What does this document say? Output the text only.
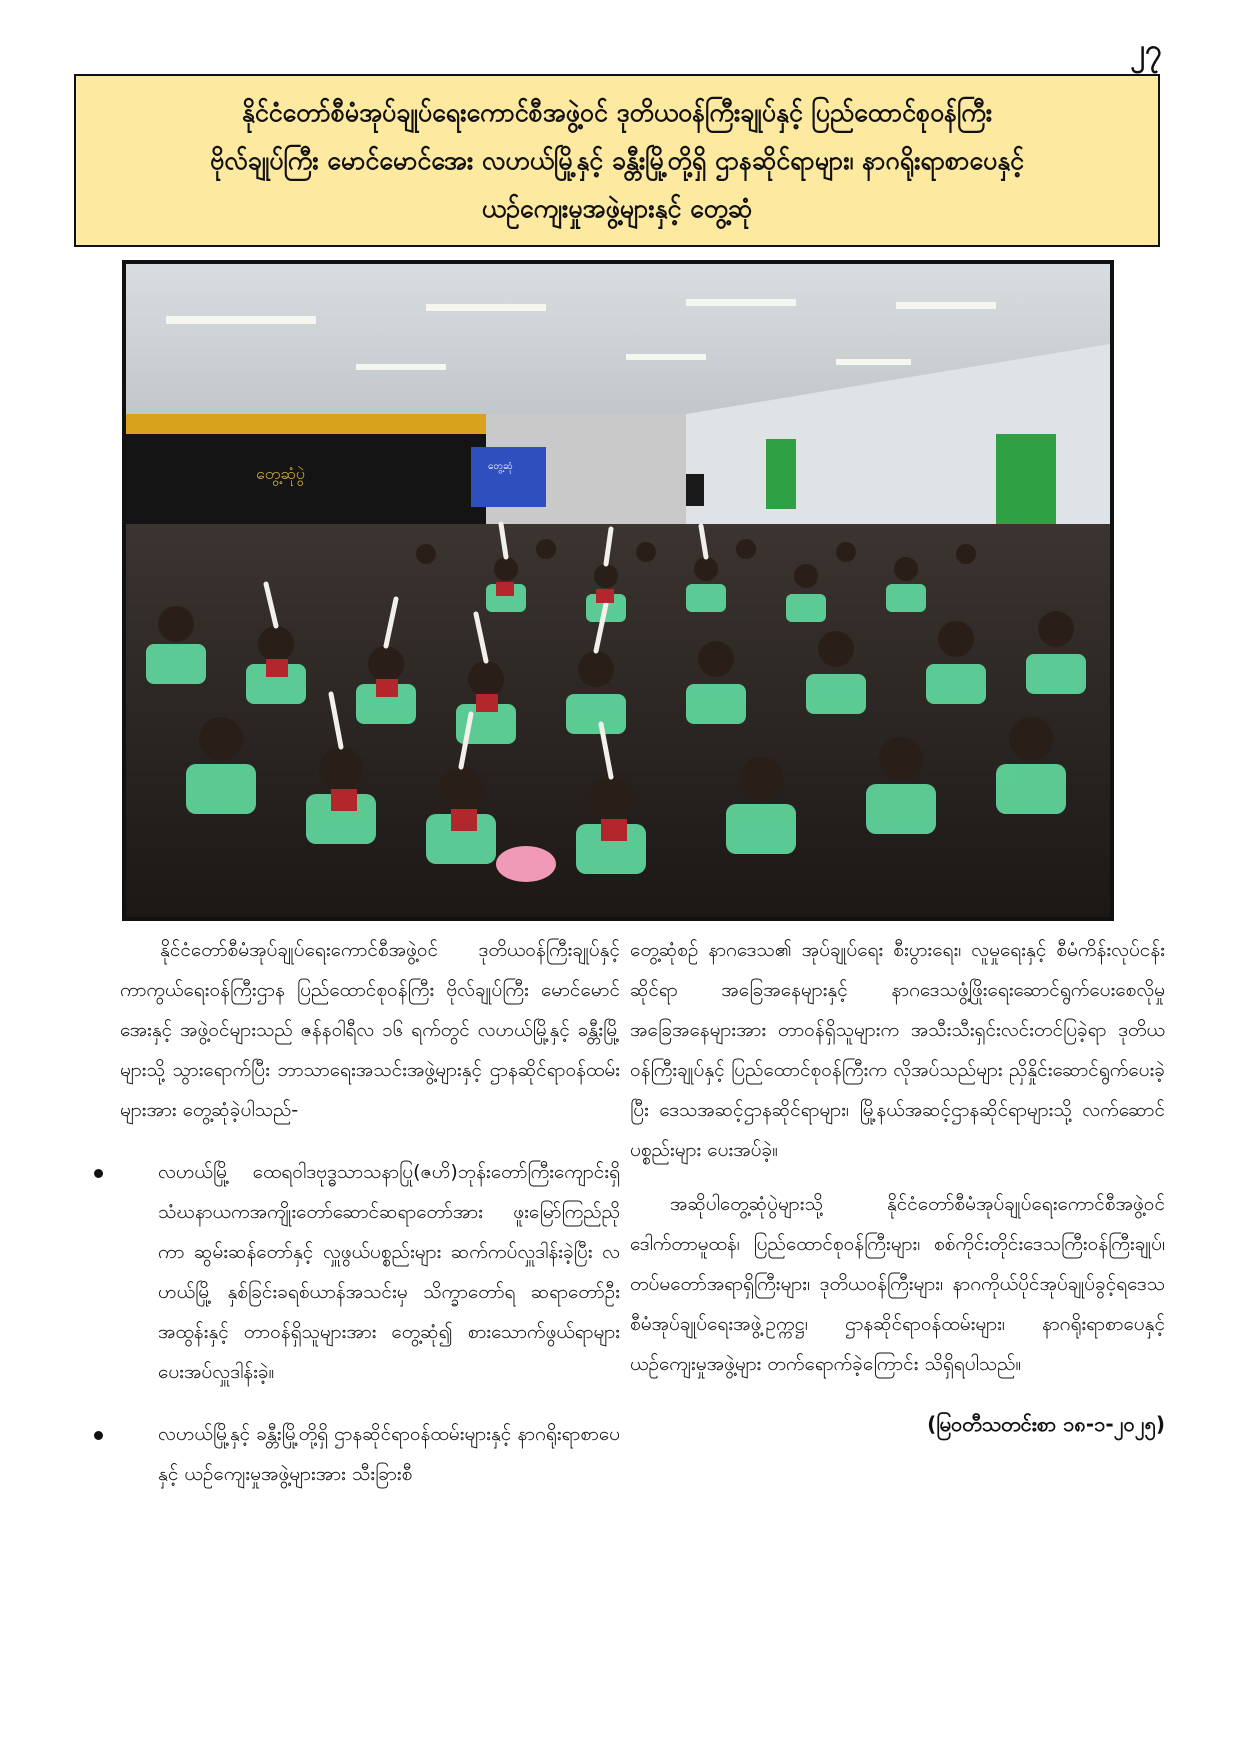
၂၇
နိုင်ငံတော်စီမံအုပ်ချုပ်ရေးကောင်စီအဖွဲ့ဝင် ဒုတိယဝန်ကြီးချုပ်နှင့် ပြည်ထောင်စုဝန်ကြီး
ဗိုလ်ချုပ်ကြီး မောင်မောင်အေး လဟယ်မြို့နှင့် ခန္တီးမြို့တို့ရှိ ဌာနဆိုင်ရာများ၊ နာဂရိုးရာစာပေနှင့်
ယဉ်ကျေးမှုအဖွဲ့များနှင့် တွေ့ဆုံ
တွေ့ဆုံပွဲ	တွေ့ဆုံ

နိုင်ငံတော်စီမံအုပ်ချုပ်ရေးကောင်စီအဖွဲ့ဝင် ဒုတိယဝန်ကြီးချုပ်နှင့် ကာကွယ်ရေးဝန်ကြီးဌာန ပြည်ထောင်စုဝန်ကြီး ဗိုလ်ချုပ်ကြီး မောင်မောင်အေးနှင့် အဖွဲ့ဝင်များသည် ဇန်နဝါရီလ ၁၆ ရက်တွင် လဟယ်မြို့နှင့် ခန္တီးမြို့များသို့ သွားရောက်ပြီး ဘာသာရေးအသင်းအဖွဲ့များနှင့် ဌာနဆိုင်ရာဝန်ထမ်းများအား တွေ့ဆုံခဲ့ပါသည်-

လဟယ်မြို့ ထေရဝါဒဗုဒ္ဓသာသနာပြု(ဇဟိ)ဘုန်းတော်ကြီးကျောင်းရှိ သံဃနာယကအကျိုးတော်ဆောင်ဆရာတော်အား ဖူးမြော်ကြည်ညိုကာ ဆွမ်းဆန်တော်နှင့် လှူဖွယ်ပစ္စည်းများ ဆက်ကပ်လှူဒါန်းခဲ့ပြီး လဟယ်မြို့ နှစ်ခြင်းခရစ်ယာန်အသင်းမှ သိက္ခာတော်ရ ဆရာတော်ဦးအထွန်းနှင့် တာဝန်ရှိသူများအား တွေ့ဆုံ၍ စားသောက်ဖွယ်ရာများ ပေးအပ်လှူဒါန်းခဲ့။
လဟယ်မြို့နှင့် ခန္တီးမြို့တို့ရှိ ဌာနဆိုင်ရာဝန်ထမ်းများနှင့် နာဂရိုးရာစာပေနှင့် ယဉ်ကျေးမှုအဖွဲ့များအား သီးခြားစီ

တွေ့ဆုံစဉ် နာဂဒေသ၏ အုပ်ချုပ်ရေး စီးပွားရေး၊ လူမှုရေးနှင့် စီမံကိန်းလုပ်ငန်းဆိုင်ရာ အခြေအနေများနှင့် နာဂဒေသဖွံ့ဖြိုးရေးဆောင်ရွက်ပေးစေလိုမှုအခြေအနေများအား တာဝန်ရှိသူများက အသီးသီးရှင်းလင်းတင်ပြခဲ့ရာ ဒုတိယဝန်ကြီးချုပ်နှင့် ပြည်ထောင်စုဝန်ကြီးက လိုအပ်သည်များ ညှိနှိုင်းဆောင်ရွက်ပေးခဲ့ပြီး ဒေသအဆင့်ဌာနဆိုင်ရာများ၊ မြို့နယ်အဆင့်ဌာနဆိုင်ရာများသို့ လက်ဆောင်ပစ္စည်းများ ပေးအပ်ခဲ့။

အဆိုပါတွေ့ဆုံပွဲများသို့ နိုင်ငံတော်စီမံအုပ်ချုပ်ရေးကောင်စီအဖွဲ့ဝင် ဒေါက်တာမူထန်၊ ပြည်ထောင်စုဝန်ကြီးများ၊ စစ်ကိုင်းတိုင်းဒေသကြီးဝန်ကြီးချုပ်၊ တပ်မတော်အရာရှိကြီးများ၊ ဒုတိယဝန်ကြီးများ၊ နာဂကိုယ်ပိုင်အုပ်ချုပ်ခွင့်ရဒေသ စီမံအုပ်ချုပ်ရေးအဖွဲ့ဥက္ကဋ္ဌ၊ ဌာနဆိုင်ရာဝန်ထမ်းများ၊ နာဂရိုးရာစာပေနှင့် ယဉ်ကျေးမှုအဖွဲ့များ တက်ရောက်ခဲ့ကြောင်း သိရှိရပါသည်။

(မြဝတီသတင်းစာ ၁၈-၁-၂၀၂၅)
